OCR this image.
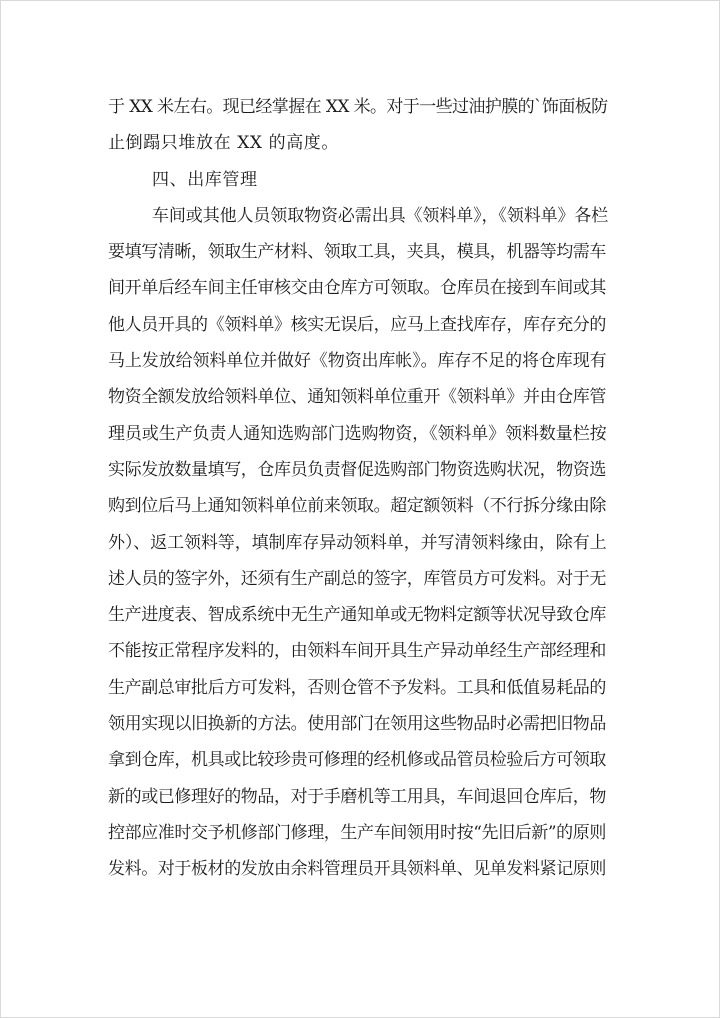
于 XX 米左右。现已经掌握在 XX 米。对于一些过油护膜的`饰面板防
止倒蹋只堆放在 XX 的高度。
四、出库管理
车间或其他人员领取物资必需出具《领料单》，《领料单》各栏
要填写清晰，领取生产材料、领取工具，夹具，模具，机器等均需车
间开单后经车间主任审核交由仓库方可领取。仓库员在接到车间或其
他人员开具的《领料单》核实无误后，应马上查找库存，库存充分的
马上发放给领料单位并做好《物资出库帐》。库存不足的将仓库现有
物资全额发放给领料单位、通知领料单位重开《领料单》并由仓库管
理员或生产负责人通知选购部门选购物资，《领料单》领料数量栏按
实际发放数量填写，仓库员负责督促选购部门物资选购状况，物资选
购到位后马上通知领料单位前来领取。超定额领料（不行拆分缘由除
外）、返工领料等，填制库存异动领料单，并写清领料缘由，除有上
述人员的签字外，还须有生产副总的签字，库管员方可发料。对于无
生产进度表、智成系统中无生产通知单或无物料定额等状况导致仓库
不能按正常程序发料的，由领料车间开具生产异动单经生产部经理和
生产副总审批后方可发料，否则仓管不予发料。工具和低值易耗品的
领用实现以旧换新的方法。使用部门在领用这些物品时必需把旧物品
拿到仓库，机具或比较珍贵可修理的经机修或品管员检验后方可领取
新的或已修理好的物品，对于手磨机等工用具，车间退回仓库后，物
控部应准时交予机修部门修理，生产车间领用时按“先旧后新”的原则
发料。对于板材的发放由余料管理员开具领料单、见单发料紧记原则
